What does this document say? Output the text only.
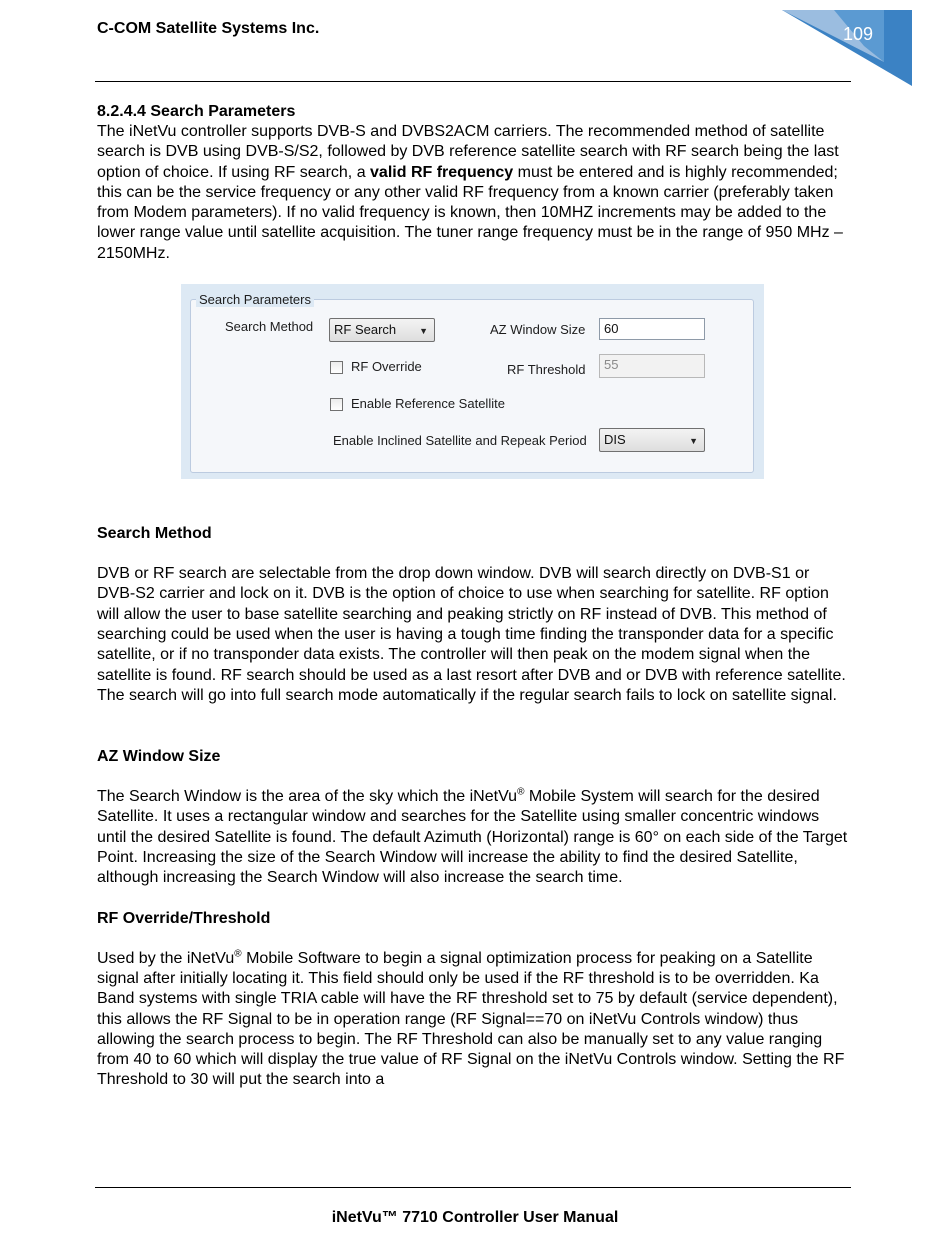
C-COM Satellite Systems Inc.	109
8.2.4.4 Search Parameters

The iNetVu controller supports DVB-S and DVBS2ACM carriers. The recommended method of satellite search is DVB using DVB-S/S2, followed by DVB reference satellite search with RF search being the last option of choice. If using RF search, a valid RF frequency must be entered and is highly recommended; this can be the service frequency or any other valid RF frequency from a known carrier (preferably taken from Modem parameters). If no valid frequency is known, then 10MHZ increments may be added to the lower range value until satellite acquisition. The tuner range frequency must be in the range of 950 MHz – 2150MHz.

Search Parameters
Search Method	RF Search	▼	AZ Window Size	60
RF Override	RF Threshold	55
Enable Reference Satellite
Enable Inclined Satellite and Repeak Period	DIS	▼
Search Method

DVB or RF search are selectable from the drop down window. DVB will search directly on DVB-S1 or DVB-S2 carrier and lock on it. DVB is the option of choice to use when searching for satellite. RF option will allow the user to base satellite searching and peaking strictly on RF instead of DVB. This method of searching could be used when the user is having a tough time finding the transponder data for a specific satellite, or if no transponder data exists. The controller will then peak on the modem signal when the satellite is found. RF search should be used as a last resort after DVB and or DVB with reference satellite. The search will go into full search mode automatically if the regular search fails to lock on satellite signal.

AZ Window Size

The Search Window is the area of the sky which the iNetVu® Mobile System will search for the desired Satellite. It uses a rectangular window and searches for the Satellite using smaller concentric windows until the desired Satellite is found. The default Azimuth (Horizontal) range is 60° on each side of the Target Point. Increasing the size of the Search Window will increase the ability to find the desired Satellite, although increasing the Search Window will also increase the search time.

RF Override/Threshold

Used by the iNetVu® Mobile Software to begin a signal optimization process for peaking on a Satellite signal after initially locating it. This field should only be used if the RF threshold is to be overridden. Ka Band systems with single TRIA cable will have the RF threshold set to 75 by default (service dependent), this allows the RF Signal to be in operation range (RF Signal==70 on iNetVu Controls window) thus allowing the search process to begin. The RF Threshold can also be manually set to any value ranging from 40 to 60 which will display the true value of RF Signal on the iNetVu Controls window. Setting the RF Threshold to 30 will put the search into a

iNetVu™ 7710 Controller User Manual
